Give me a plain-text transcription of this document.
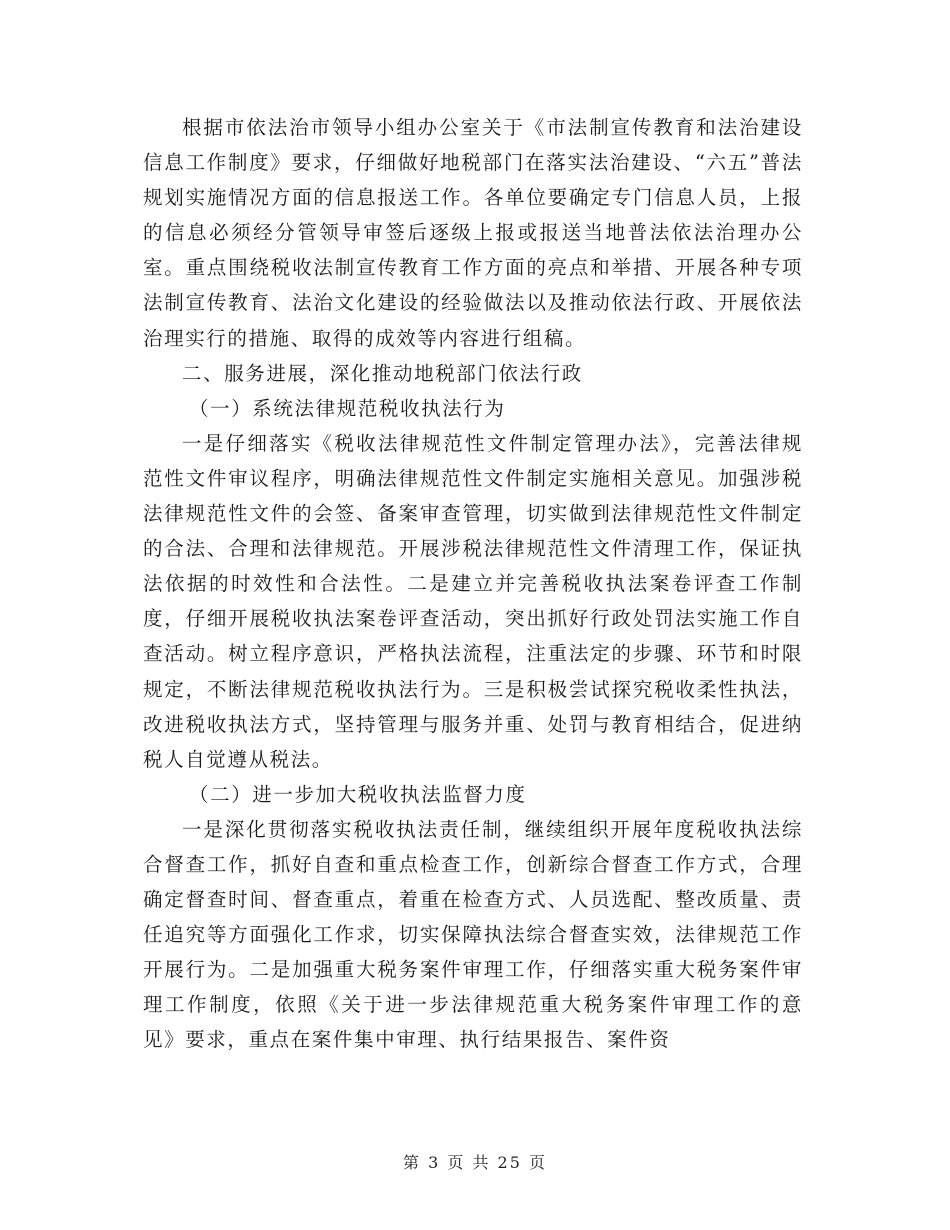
根据市依法治市领导小组办公室关于《市法制宣传教育和法治建设信息工作制度》要求，仔细做好地税部门在落实法治建设、“六五”普法规划实施情况方面的信息报送工作。各单位要确定专门信息人员，上报的信息必须经分管领导审签后逐级上报或报送当地普法依法治理办公室。重点围绕税收法制宣传教育工作方面的亮点和举措、开展各种专项法制宣传教育、法治文化建设的经验做法以及推动依法行政、开展依法治理实行的措施、取得的成效等内容进行组稿。

二、服务进展，深化推动地税部门依法行政

（一）系统法律规范税收执法行为

一是仔细落实《税收法律规范性文件制定管理办法》，完善法律规范性文件审议程序，明确法律规范性文件制定实施相关意见。加强涉税法律规范性文件的会签、备案审查管理，切实做到法律规范性文件制定的合法、合理和法律规范。开展涉税法律规范性文件清理工作，保证执法依据的时效性和合法性。二是建立并完善税收执法案卷评查工作制度，仔细开展税收执法案卷评查活动，突出抓好行政处罚法实施工作自查活动。树立程序意识，严格执法流程，注重法定的步骤、环节和时限规定，不断法律规范税收执法行为。三是积极尝试探究税收柔性执法，改进税收执法方式，坚持管理与服务并重、处罚与教育相结合，促进纳税人自觉遵从税法。

（二）进一步加大税收执法监督力度

一是深化贯彻落实税收执法责任制，继续组织开展年度税收执法综合督查工作，抓好自查和重点检查工作，创新综合督查工作方式，合理确定督查时间、督查重点，着重在检查方式、人员选配、整改质量、责任追究等方面强化工作求，切实保障执法综合督查实效，法律规范工作开展行为。二是加强重大税务案件审理工作，仔细落实重大税务案件审理工作制度，依照《关于进一步法律规范重大税务案件审理工作的意见》要求，重点在案件集中审理、执行结果报告、案件资

第 3 页 共 25 页
